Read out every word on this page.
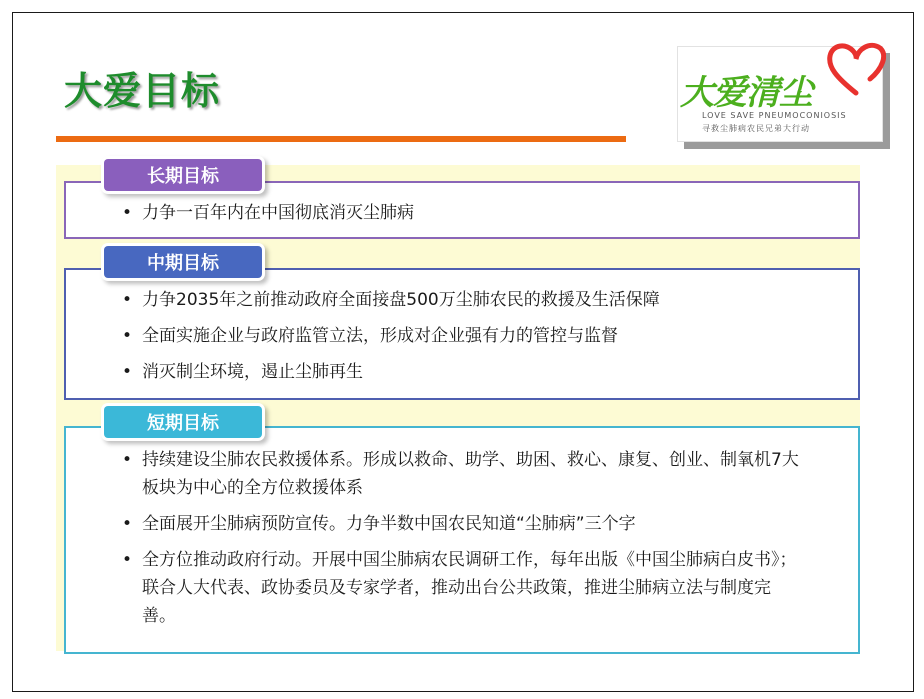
大爱目标	大爱清尘
LOVE SAVE PNEUMOCONIOSIS
寻救尘肺病农民兄弟大行动
长期目标
• 力争一百年内在中国彻底消灭尘肺病
中期目标
• 力争2035年之前推动政府全面接盘500万尘肺农民的救援及生活保障
• 全面实施企业与政府监管立法，形成对企业强有力的管控与监督
• 消灭制尘环境，遏止尘肺再生
短期目标
• 持续建设尘肺农民救援体系。形成以救命、助学、助困、救心、康复、创业、制氧机7大板块为中心的全方位救援体系
• 全面展开尘肺病预防宣传。力争半数中国农民知道“尘肺病”三个字
• 全方位推动政府行动。开展中国尘肺病农民调研工作，每年出版《中国尘肺病白皮书》；联合人大代表、政协委员及专家学者，推动出台公共政策，推进尘肺病立法与制度完善。
